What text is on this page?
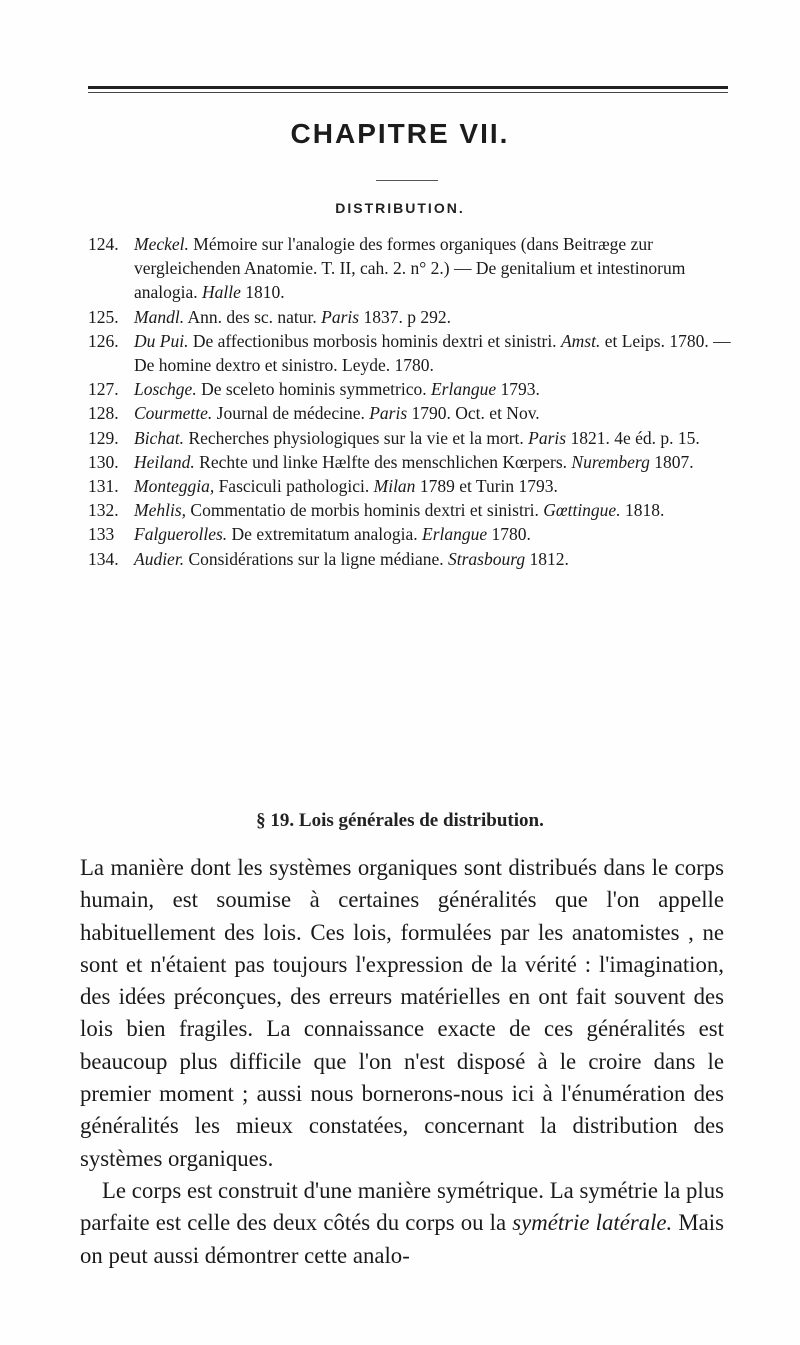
CHAPITRE VII.
DISTRIBUTION.
124. Meckel. Mémoire sur l'analogie des formes organiques (dans Beitræge zur vergleichenden Anatomie. T. II, cah. 2. n° 2.) — De genitalium et intestinorum analogia. Halle 1810.
125. Mandl. Ann. des sc. natur. Paris 1837. p 292.
126. Du Pui. De affectionibus morbosis hominis dextri et sinistri. Amst. et Leips. 1780. — De homine dextro et sinistro. Leyde. 1780.
127. Loschge. De sceleto hominis symmetrico. Erlangue 1793.
128. Courmette. Journal de médecine. Paris 1790. Oct. et Nov.
129. Bichat. Recherches physiologiques sur la vie et la mort. Paris 1821. 4e éd. p. 15.
130. Heiland. Rechte und linke Hælfte des menschlichen Kœrpers. Nuremberg 1807.
131. Monteggia, Fasciculi pathologici. Milan 1789 et Turin 1793.
132. Mehlis, Commentatio de morbis hominis dextri et sinistri. Gœttingue. 1818.
133 Falguerolles. De extremitatum analogia. Erlangue 1780.
134. Audier. Considérations sur la ligne médiane. Strasbourg 1812.
§ 19. Lois générales de distribution.

La manière dont les systèmes organiques sont distribués dans le corps humain, est soumise à certaines généralités que l'on appelle habituellement des lois. Ces lois, formulées par les anatomistes , ne sont et n'étaient pas toujours l'expression de la vérité : l'imagination, des idées préconçues, des erreurs matérielles en ont fait souvent des lois bien fragiles. La connaissance exacte de ces généralités est beaucoup plus difficile que l'on n'est disposé à le croire dans le premier moment ; aussi nous bornerons-nous ici à l'énumération des généralités les mieux constatées, concernant la distribution des systèmes organiques.

Le corps est construit d'une manière symétrique. La symétrie la plus parfaite est celle des deux côtés du corps ou la symétrie latérale. Mais on peut aussi démontrer cette analo-
